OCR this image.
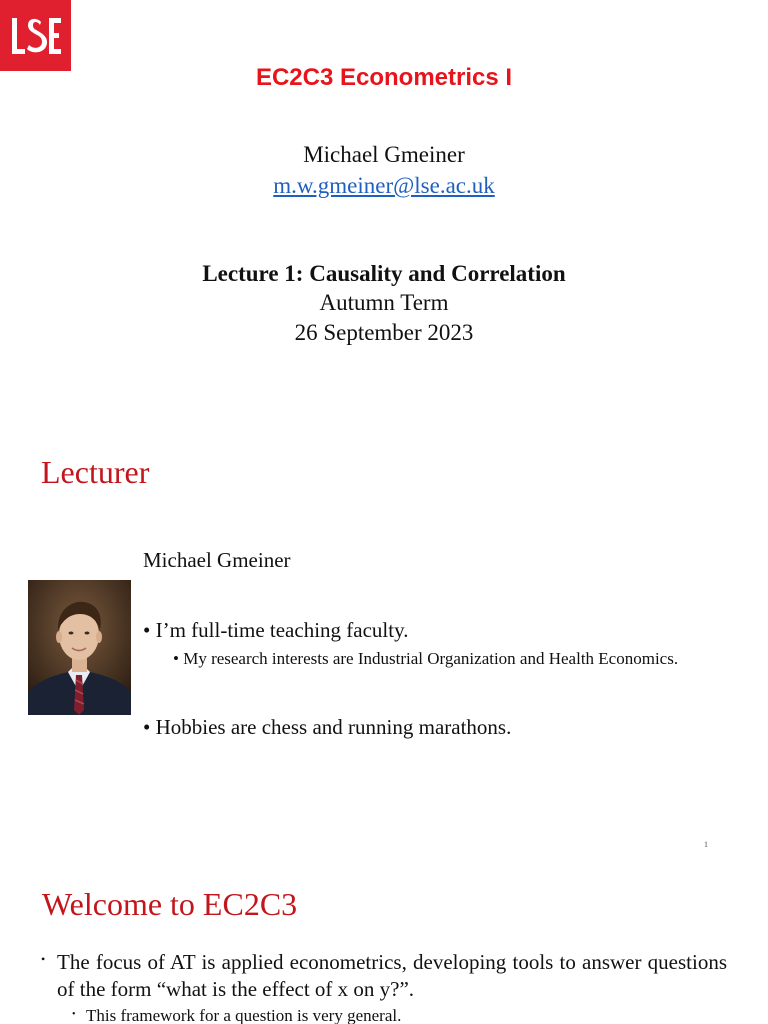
EC2C3 Econometrics I
Michael Gmeiner
m.w.gmeiner@lse.ac.uk
Lecture 1: Causality and Correlation
Autumn Term
26 September 2023
Lecturer
Michael Gmeiner
• I’m full-time teaching faculty.
• My research interests are Industrial Organization and Health Economics.
• Hobbies are chess and running marathons.
1
Welcome to EC2C3
• The focus of AT is applied econometrics, developing tools to answer questions of the form “what is the effect of x on y?”.
• This framework for a question is very general.
